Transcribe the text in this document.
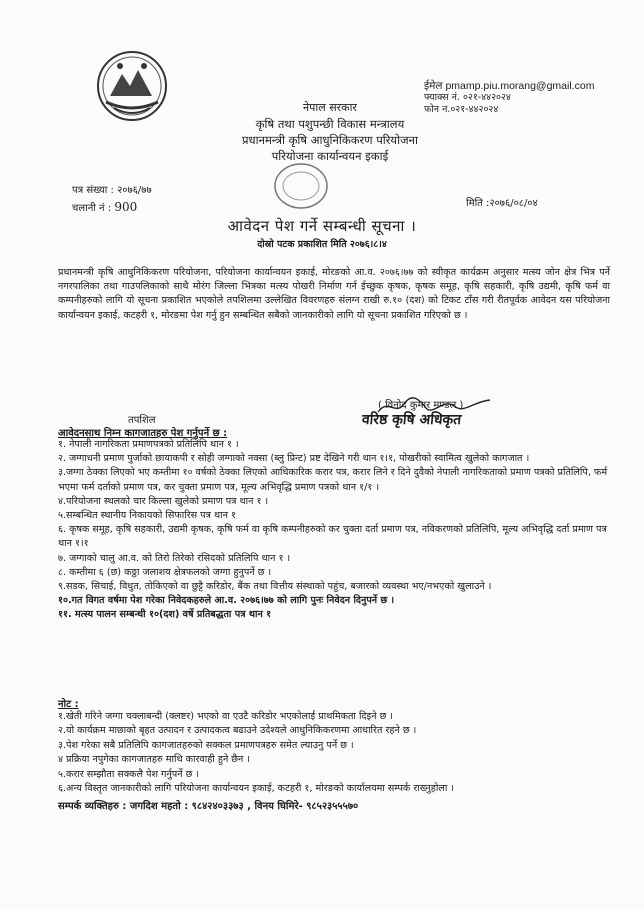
ईमेल pmamp.piu.morang@gmail.com
फ्याक्स नं. ०२१-४४२०२४
फोन न.०२१-४४२०२४
नेपाल सरकार
कृषि तथा पशुपन्छी विकास मन्त्रालय
प्रधानमन्त्री कृषि आधुनिकिकरण परियोजना
परियोजना कार्यान्वयन इकाई
पत्र संख्या : २०७६/७७
चलानी नं : 900	मिति :२०७६/०८/०४
आवेदन पेश गर्ने सम्बन्धी सूचना ।
दोस्रो पटक प्रकाशित मिति २०७६।८।४
प्रधानमन्त्री कृषि आधुनिकिकरण परियोजना, परियोजना कार्यान्वयन इकाई, मोरङको आ.व. २०७६।७७ को स्वीकृत कार्यक्रम अनुसार मत्स्य जोन क्षेत्र भित्र पर्ने नगरपालिका तथा गाउपलिकाको साथै मोरंग जिल्ला भित्रका मत्स्य पोखरी निर्माण गर्न ईच्छुक कृषक, कृषक समूह, कृषि सहकारी, कृषि उद्यमी, कृषि फर्म वा कम्पनीहरुको लागि यो सूचना प्रकाशित भएकोले तपशिलमा उल्लेखित विवरणहरु संलग्न राखी रु.१० (दश) को टिकट टाँस गरी रीतपूर्वक आवेदन यस परियोजना कार्यान्वयन इकाई, कटहरी १, मोरङमा पेश गर्नु हुन सम्बन्धित सबैको जानकारीको लागि यो सूचना प्रकाशित गरिएको छ ।
( विनोद कुमार मण्डल )
वरिष्ठ कृषि अधिकृत
तपशिल
आवेदनसाथ निम्न कागजातहरु पेश गर्नुपर्ने छ :
१. नेपाली नागरिकता प्रमाणपत्रको प्रतिलिपि थान १ ।
२. जग्गाधनी प्रमाण पुर्जाको छायाकपी र सोही जग्गाको नक्सा (ब्लु प्रिन्ट) प्रष्ट देखिने गरी थान १।१, पोखरीको स्वामित्व खुलेको कागजात ।
३.जग्गा ठेक्का लिएको भए कम्तीमा १० वर्षको ठेक्का लिएको आधिकारिक करार पत्र, करार लिने र दिने दुवैको नेपाली नागरिकताको प्रमाण पत्रको प्रतिलिपि, फर्म भएमा फर्म दर्ताको प्रमाण पत्र, कर चुक्ता प्रमाण पत्र, मूल्य अभिवृद्धि प्रमाण पत्रको थान १/१ ।
४.परियोजना स्थलको चार किल्ला खुलेको प्रमाण पत्र थान १ ।
५.सम्बन्धित स्थानीय निकायको सिफारिस पत्र थान १
६. कृषक समूह, कृषि सहकारी, उद्यमी कृषक, कृषि फर्म वा कृषि कम्पनीहरुको कर चुक्ता दर्ता प्रमाण पत्र, नविकरणको प्रतिलिपि, मूल्य अभिवृद्धि दर्ता प्रमाण पत्र थान १।१
७. जग्गाको चालु आ.व. को तिरो तिरेको रसिदको प्रतिलिपि थान १ ।
८. कम्तीमा ६ (छ) कठ्ठा जलाशय क्षेत्रफलको जग्गा हुनुपर्ने छ ।
९.सडक, सिचाई, विधुत, तोकिएको वा छुट्टै करिडोर, बैंक तथा वित्तीय संस्थाको पहुंच, बजारको व्यवस्था भए/नभएको खुलाउने ।
१०.गत विगत वर्षमा पेश गरेका निवेदकहरुले आ.व. २०७६।७७ को लागि पुनः निवेदन दिनुपर्ने छ ।
११. मत्स्य पालन सम्बन्धी १०(दश) वर्षे प्रतिबद्धता पत्र थान १
नोट :
१.खेती गरिने जग्गा चक्लाबन्दी (क्लष्टर) भएको वा एउटै करिडोर भएकोलाई प्राथमिकता दिइने छ ।
२.यो कार्यक्रम माछाको बृहत उत्पादन र उत्पादकत्व बढाउने उदेश्यले आधुनिकिकरणमा आधारित रहने छ ।
३.पेश गरेका सबै प्रतिलिपि कागजातहरुको सक्कल प्रमाणपत्रहरु समेत ल्याउनु पर्ने छ ।
४ प्रक्रिया नपुगेका कागजातहरु माथि कारवाही हुने छैन ।
५.करार सम्झौता सक्कलै पेश गर्नुपर्ने छ ।
६.अन्य विस्तृत जानकारीको लागि परियोजना कार्यान्वयन इकाई, कटहरी १, मोरङको कार्यालयमा सम्पर्क राख्नुहोला ।
सम्पर्क व्यक्तिहरु : जगदिश महतो : ९८४२४०३३७३ , विनय घिमिरे- ९८५२३५५५७०
